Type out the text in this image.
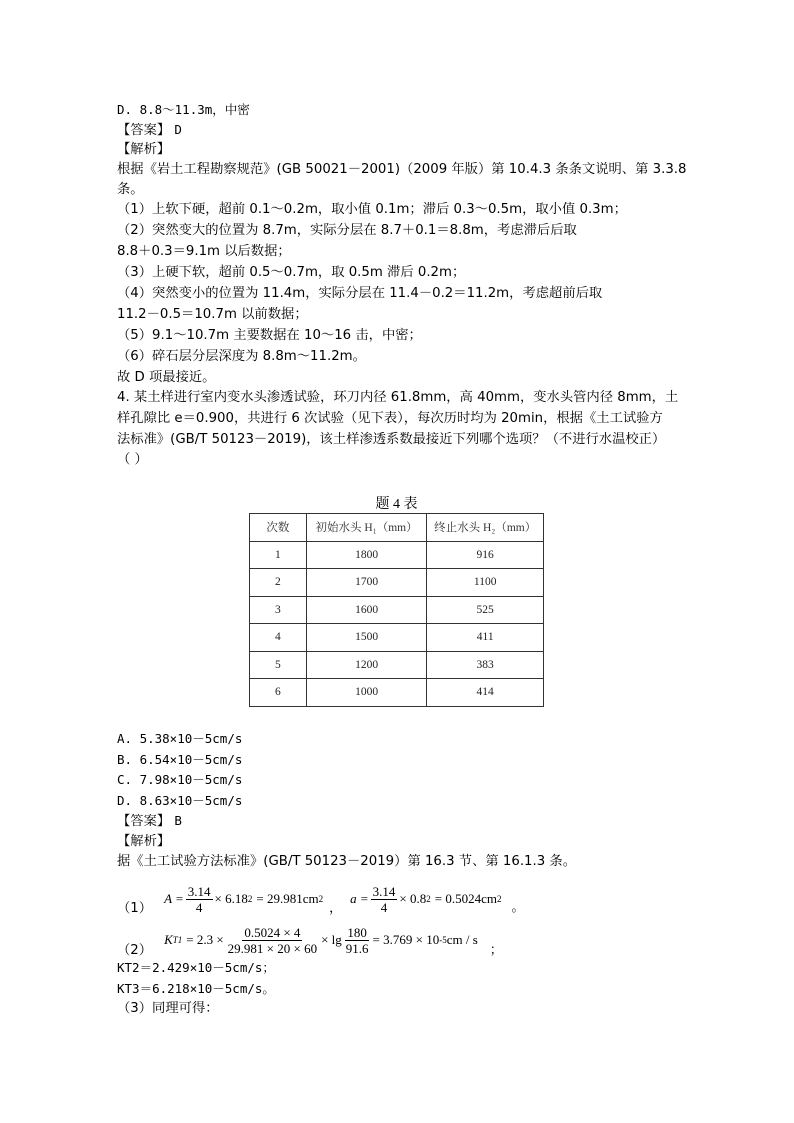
D. 8.8～11.3m，中密
【答案】 D
【解析】
根据《岩土工程勘察规范》(GB 50021－2001)（2009 年版）第 10.4.3 条条文说明、第 3.3.8
条。
（1）上软下硬，超前 0.1～0.2m，取小值 0.1m；滞后 0.3～0.5m，取小值 0.3m；
（2）突然变大的位置为 8.7m，实际分层在 8.7＋0.1＝8.8m，考虑滞后后取
8.8＋0.3＝9.1m 以后数据；
（3）上硬下软，超前 0.5～0.7m，取 0.5m 滞后 0.2m；
（4）突然变小的位置为 11.4m，实际分层在 11.4－0.2＝11.2m，考虑超前后取
11.2－0.5＝10.7m 以前数据；
（5）9.1～10.7m 主要数据在 10～16 击，中密；
（6）碎石层分层深度为 8.8m～11.2m。
故 D 项最接近。
4. 某土样进行室内变水头渗透试验，环刀内径 61.8mm，高 40mm，变水头管内径 8mm，土
样孔隙比 e＝0.900，共进行 6 次试验（见下表），每次历时均为 20min，根据《土工试验方
法标准》(GB/T 50123－2019)，该土样渗透系数最接近下列哪个选项？（不进行水温校正）
（ ）
题 4 表
次数	初始水头 H₁（mm）	终止水头 H₂（mm）
1	1800	916
2	1700	1100
3	1600	525
4	1500	411
5	1200	383
6	1000	414
A. 5.38×10－5cm/s
B. 6.54×10－5cm/s
C. 7.98×10－5cm/s
D. 8.63×10－5cm/s
【答案】 B
【解析】
据《土工试验方法标准》(GB/T 50123－2019）第 16.3 节、第 16.1.3 条。
（1）
$A = \frac{3.14}{4} \times 6.18$ 2 = 29.981cm 2
，
$a = \frac{3.14}{4} \times 0.8$ 2 = 0.5024cm 2 。
（2）
K $T1 = 2.3 \times \frac{0.5024 \times 4}{29.981 \times 20 \times 60} \times \lg \frac{180}{91.6} = 3.769 \times 10$ -5 cm / s
；
KT2＝2.429×10－5cm/s；
KT3＝6.218×10－5cm/s。
（3）同理可得：
